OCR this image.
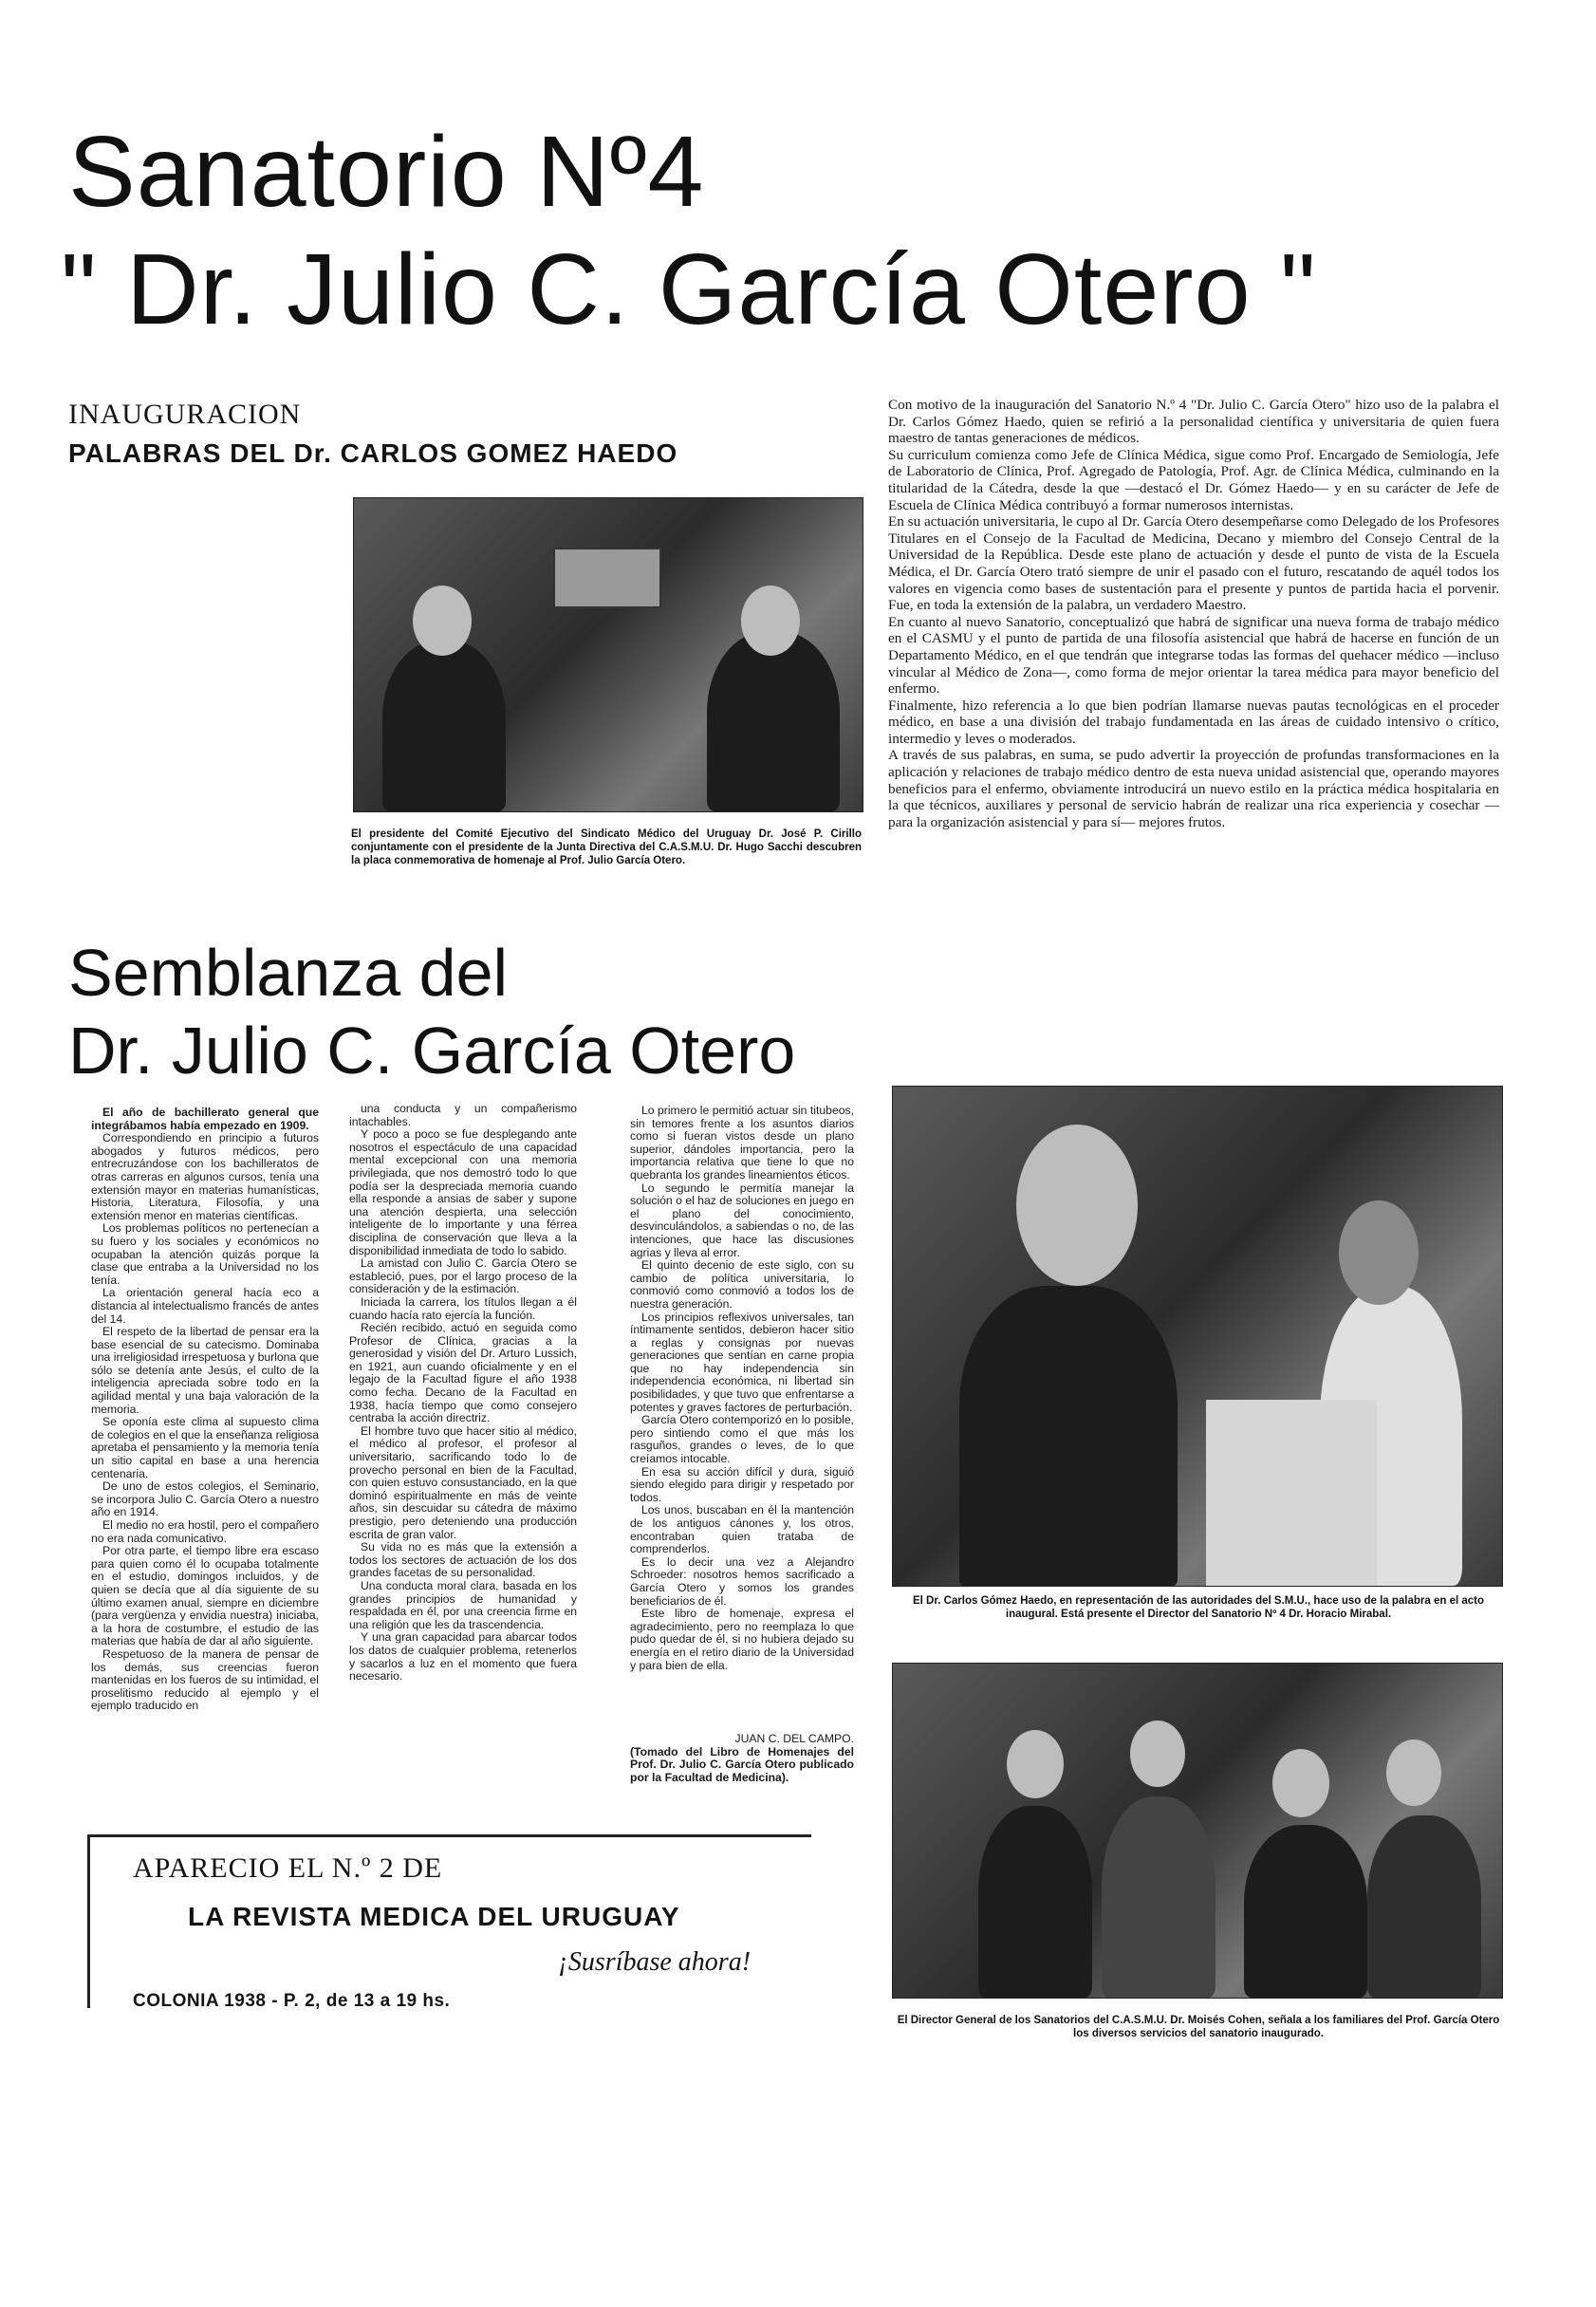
Sanatorio Nº4
" Dr. Julio C. García Otero "
INAUGURACION
PALABRAS DEL Dr. CARLOS GOMEZ HAEDO
El presidente del Comité Ejecutivo del Sindicato Médico del Uruguay Dr. José P. Cirillo conjuntamente con el presidente de la Junta Directiva del C.A.S.M.U. Dr. Hugo Sacchi descubren la placa conmemorativa de homenaje al Prof. Julio García Otero.
Semblanza del
Dr. Julio C. García Otero

El año de bachillerato general que integrábamos había empezado en 1909.

Correspondiendo en principio a futuros abogados y futuros médicos, pero entrecruzándose con los bachilleratos de otras carreras en algunos cursos, tenía una extensión mayor en materias humanísticas, Historia, Literatura, Filosofía, y una extensión menor en materias científicas.

Los problemas políticos no pertenecían a su fuero y los sociales y económicos no ocupaban la atención quizás porque la clase que entraba a la Universidad no los tenía.

La orientación general hacía eco a distancia al intelectualismo francés de antes del 14.

El respeto de la libertad de pensar era la base esencial de su catecismo. Dominaba una irreligiosidad irrespetuosa y burlona que sólo se detenía ante Jesús, el culto de la inteligencia apreciada sobre todo en la agilidad mental y una baja valoración de la memoria.

Se oponía este clima al supuesto clima de colegios en el que la enseñanza religiosa apretaba el pensamiento y la memoria tenía un sitio capital en base a una herencia centenaria.

De uno de estos colegios, el Seminario, se incorpora Julio C. García Otero a nuestro año en 1914.

El medio no era hostil, pero el compañero no era nada comunicativo.

Por otra parte, el tiempo libre era escaso para quien como él lo ocupaba totalmente en el estudio, domingos incluidos, y de quien se decía que al día siguiente de su último examen anual, siempre en diciembre (para vergüenza y envidia nuestra) iniciaba, a la hora de costumbre, el estudio de las materias que había de dar al año siguiente.

Respetuoso de la manera de pensar de los demás, sus creencias fueron mantenidas en los fueros de su intimidad, el proselitismo reducido al ejemplo y el ejemplo traducido en

una conducta y un compañerismo intachables.

Y poco a poco se fue desplegando ante nosotros el espectáculo de una capacidad mental excepcional con una memoria privilegiada, que nos demostró todo lo que podía ser la despreciada memoria cuando ella responde a ansias de saber y supone una atención despierta, una selección inteligente de lo importante y una férrea disciplina de conservación que lleva a la disponibilidad inmediata de todo lo sabido.

La amistad con Julio C. García Otero se estableció, pues, por el largo proceso de la consideración y de la estimación.

Iniciada la carrera, los títulos llegan a él cuando hacía rato ejercía la función.

Recién recibido, actuó en seguida como Profesor de Clínica, gracias a la generosidad y visión del Dr. Arturo Lussich, en 1921, aun cuando oficialmente y en el legajo de la Facultad figure el año 1938 como fecha. Decano de la Facultad en 1938, hacía tiempo que como consejero centraba la acción directriz.

El hombre tuvo que hacer sitio al médico, el médico al profesor, el profesor al universitario, sacrificando todo lo de provecho personal en bien de la Facultad, con quien estuvo consustanciado, en la que dominó espiritualmente en más de veinte años, sin descuidar su cátedra de máximo prestigio, pero deteniendo una producción escrita de gran valor.

Su vida no es más que la extensión a todos los sectores de actuación de los dos grandes facetas de su personalidad.

Una conducta moral clara, basada en los grandes principios de humanidad y respaldada en él, por una creencia firme en una religión que les da trascendencia.

Y una gran capacidad para abarcar todos los datos de cualquier problema, retenerlos y sacarlos a luz en el momento que fuera necesario.

Lo primero le permitió actuar sin titubeos, sin temores frente a los asuntos diarios como si fueran vistos desde un plano superior, dándoles importancia, pero la importancia relativa que tiene lo que no quebranta los grandes lineamientos éticos.

Lo segundo le permitía manejar la solución o el haz de soluciones en juego en el plano del conocimiento, desvinculándolos, a sabiendas o no, de las intenciones, que hace las discusiones agrias y lleva al error.

El quinto decenio de este siglo, con su cambio de política universitaria, lo conmovió como conmovió a todos los de nuestra generación.

Los principios reflexivos universales, tan íntimamente sentidos, debieron hacer sitio a reglas y consignas por nuevas generaciones que sentían en carne propia que no hay independencia sin independencia económica, ni libertad sin posibilidades, y que tuvo que enfrentarse a potentes y graves factores de perturbación.

García Otero contemporizó en lo posible, pero sintiendo como el que más los rasguños, grandes o leves, de lo que creíamos intocable.

En esa su acción difícil y dura, siguió siendo elegido para dirigir y respetado por todos.

Los unos, buscaban en él la mantención de los antiguos cánones y, los otros, encontraban quien trataba de comprenderlos.

Es lo decir una vez a Alejandro Schroeder: nosotros hemos sacrificado a García Otero y somos los grandes beneficiarios de él.

Este libro de homenaje, expresa el agradecimiento, pero no reemplaza lo que pudo quedar de él, si no hubiera dejado su energía en el retiro diario de la Universidad y para bien de ella.

JUAN C. DEL CAMPO.

(Tomado del Libro de Homenajes del Prof. Dr. Julio C. García Otero publicado por la Facultad de Medicina).

Con motivo de la inauguración del Sanatorio N.º 4 "Dr. Julio C. García Otero" hizo uso de la palabra el Dr. Carlos Gómez Haedo, quien se refirió a la personalidad científica y universitaria de quien fuera maestro de tantas generaciones de médicos.

Su curriculum comienza como Jefe de Clínica Médica, sigue como Prof. Encargado de Semiología, Jefe de Laboratorio de Clínica, Prof. Agregado de Patología, Prof. Agr. de Clínica Médica, culminando en la titularidad de la Cátedra, desde la que —destacó el Dr. Gómez Haedo— y en su carácter de Jefe de Escuela de Clínica Médica contribuyó a formar numerosos internistas.

En su actuación universitaria, le cupo al Dr. García Otero desempeñarse como Delegado de los Profesores Titulares en el Consejo de la Facultad de Medicina, Decano y miembro del Consejo Central de la Universidad de la República. Desde este plano de actuación y desde el punto de vista de la Escuela Médica, el Dr. García Otero trató siempre de unir el pasado con el futuro, rescatando de aquél todos los valores en vigencia como bases de sustentación para el presente y puntos de partida hacia el porvenir. Fue, en toda la extensión de la palabra, un verdadero Maestro.

En cuanto al nuevo Sanatorio, conceptualizó que habrá de significar una nueva forma de trabajo médico en el CASMU y el punto de partida de una filosofía asistencial que habrá de hacerse en función de un Departamento Médico, en el que tendrán que integrarse todas las formas del quehacer médico —incluso vincular al Médico de Zona—, como forma de mejor orientar la tarea médica para mayor beneficio del enfermo.

Finalmente, hizo referencia a lo que bien podrían llamarse nuevas pautas tecnológicas en el proceder médico, en base a una división del trabajo fundamentada en las áreas de cuidado intensivo o crítico, intermedio y leves o moderados.

A través de sus palabras, en suma, se pudo advertir la proyección de profundas transformaciones en la aplicación y relaciones de trabajo médico dentro de esta nueva unidad asistencial que, operando mayores beneficios para el enfermo, obviamente introducirá un nuevo estilo en la práctica médica hospitalaria en la que técnicos, auxiliares y personal de servicio habrán de realizar una rica experiencia y cosechar —para la organización asistencial y para sí— mejores frutos.

El Dr. Carlos Gómez Haedo, en representación de las autoridades del S.M.U., hace uso de la palabra en el acto inaugural. Está presente el Director del Sanatorio Nº 4 Dr. Horacio Mirabal.
El Director General de los Sanatorios del C.A.S.M.U. Dr. Moisés Cohen, señala a los familiares del Prof. García Otero los diversos servicios del sanatorio inaugurado.
APARECIO EL N.º 2 DE
LA REVISTA MEDICA DEL URUGUAY
¡Susríbase ahora!
COLONIA 1938 - P. 2, de 13 a 19 hs.
